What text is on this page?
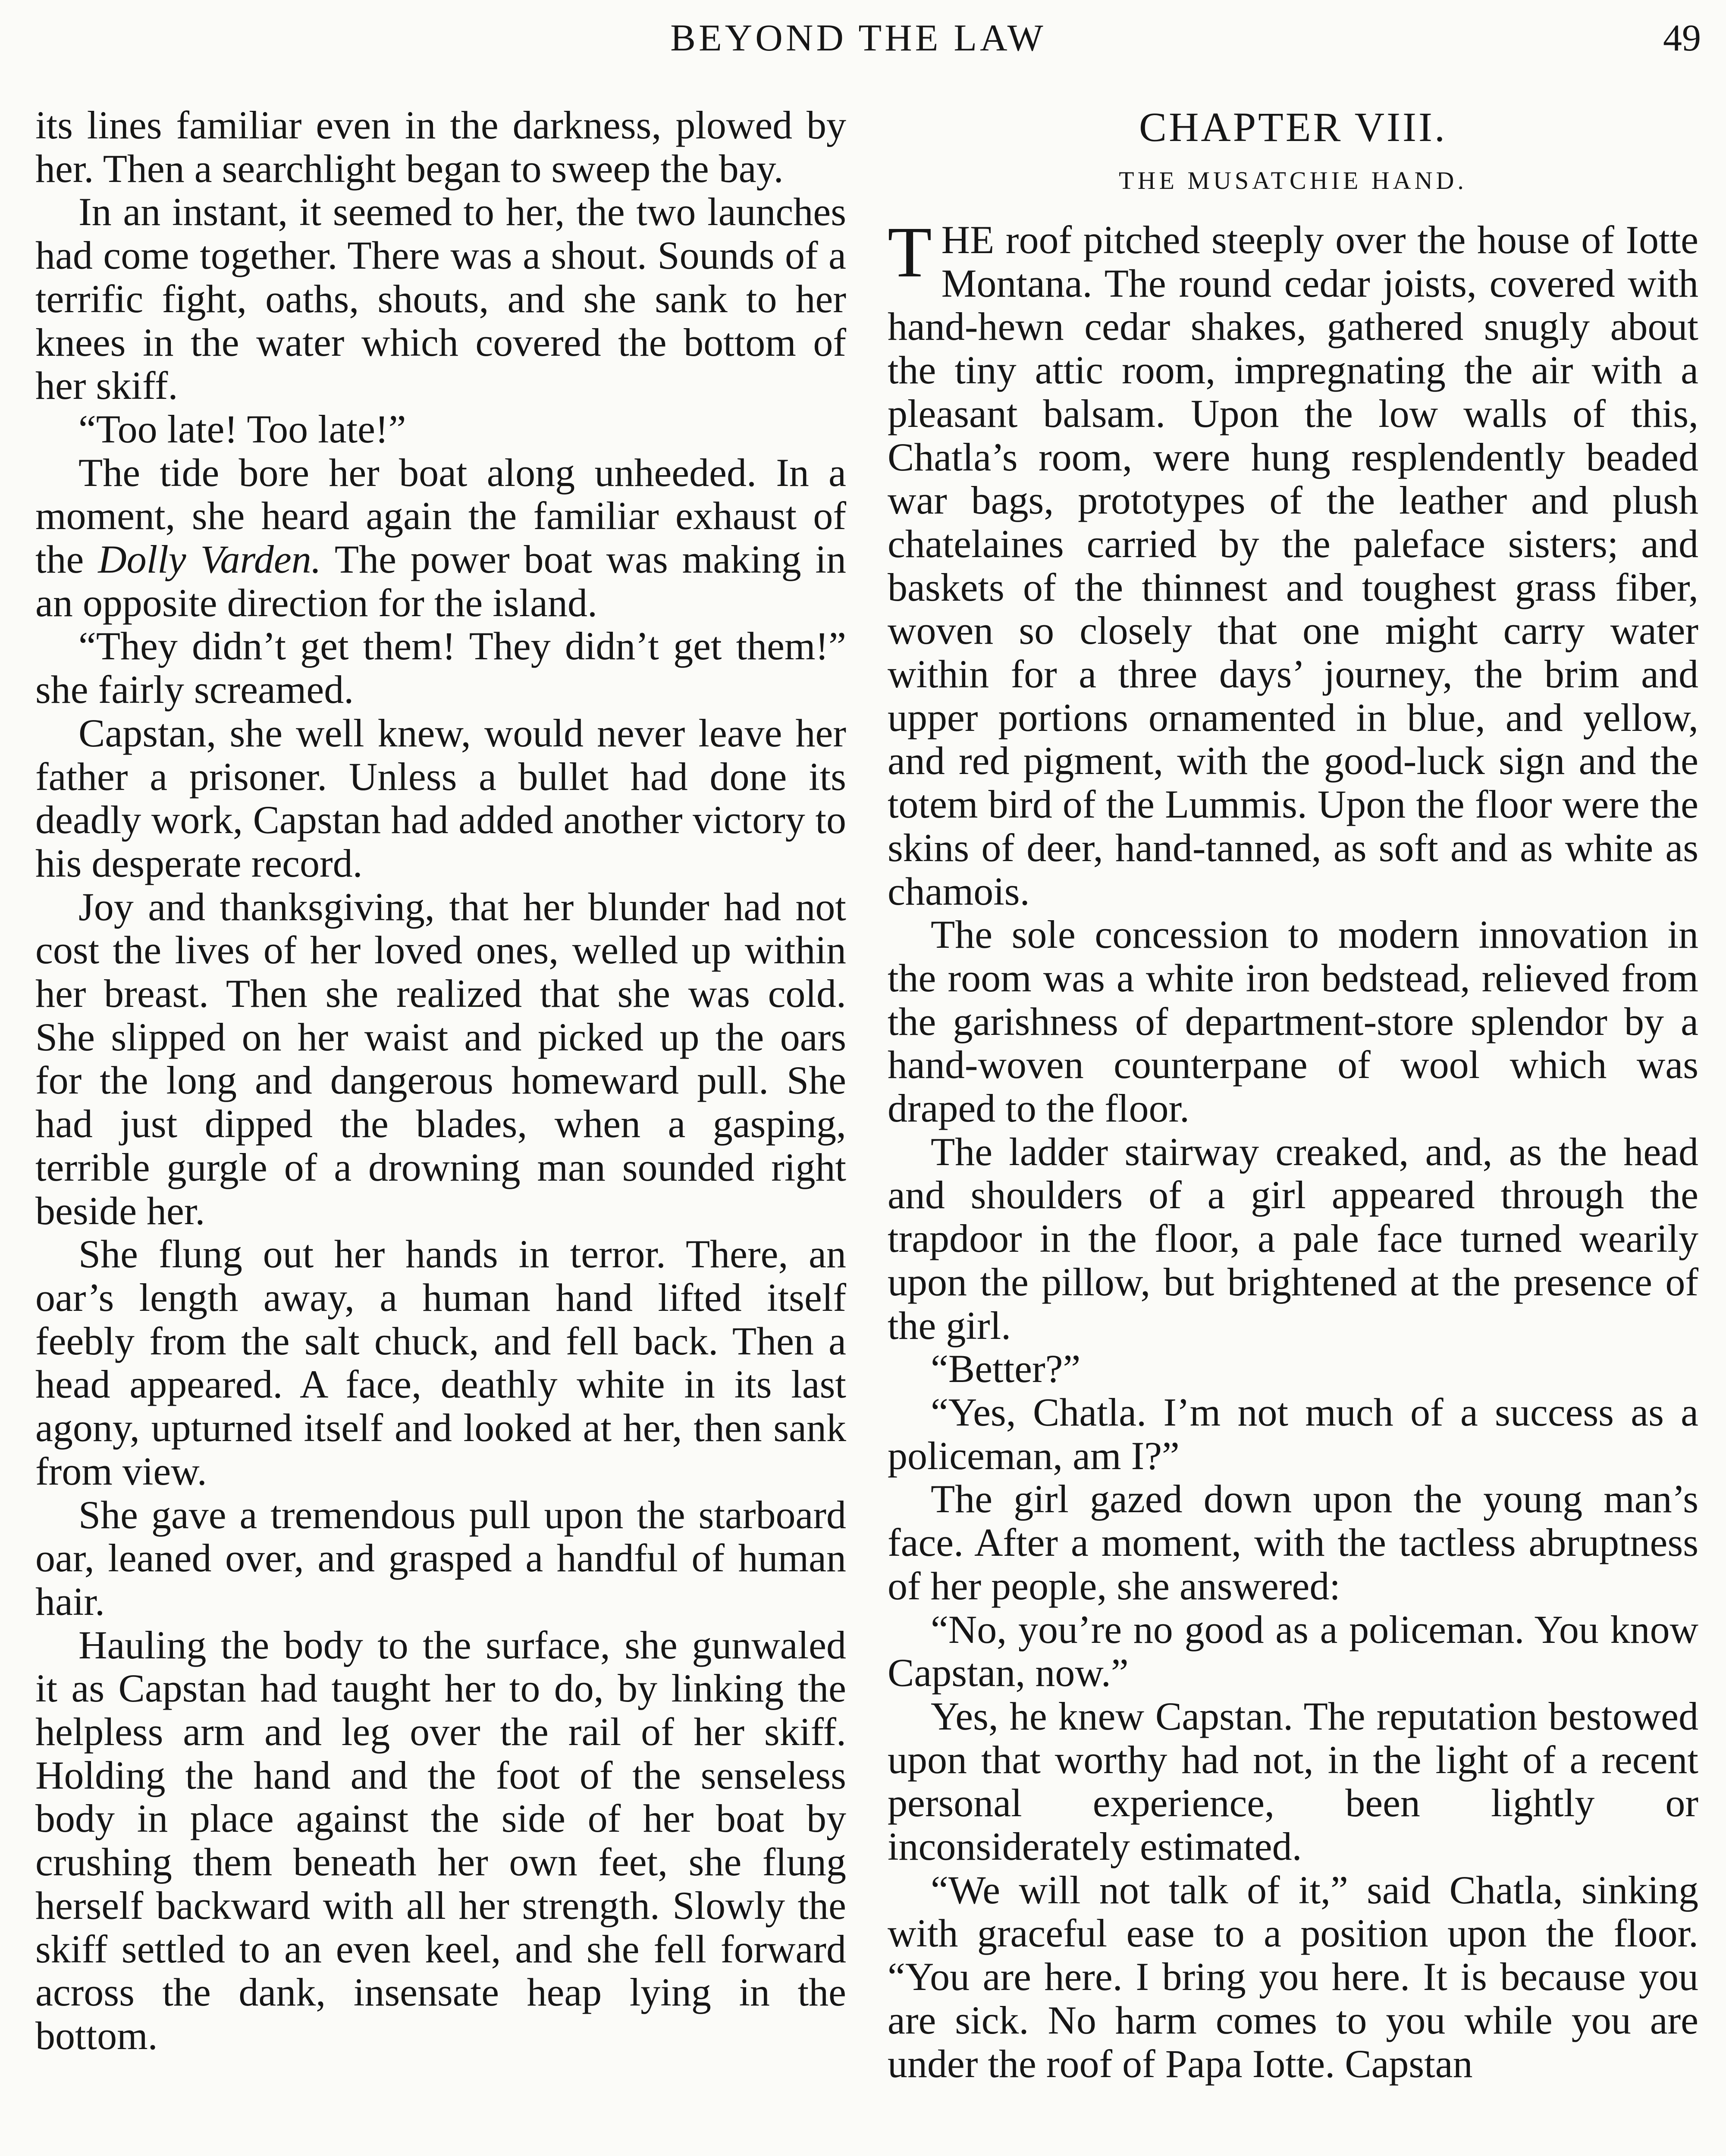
BEYOND THE LAW	49

its lines familiar even in the darkness, plowed by her. Then a searchlight began to sweep the bay.

In an instant, it seemed to her, the two launches had come together. There was a shout. Sounds of a terrific fight, oaths, shouts, and she sank to her knees in the water which covered the bottom of her skiff.

“Too late! Too late!”

The tide bore her boat along unheeded. In a moment, she heard again the familiar exhaust of the Dolly Varden. The power boat was making in an opposite direction for the island.

“They didn’t get them! They didn’t get them!” she fairly screamed.

Capstan, she well knew, would never leave her father a prisoner. Unless a bullet had done its deadly work, Capstan had added another victory to his desperate record.

Joy and thanksgiving, that her blunder had not cost the lives of her loved ones, welled up within her breast. Then she realized that she was cold. She slipped on her waist and picked up the oars for the long and dangerous homeward pull. She had just dipped the blades, when a gasping, terrible gurgle of a drowning man sounded right beside her.

She flung out her hands in terror. There, an oar’s length away, a human hand lifted itself feebly from the salt chuck, and fell back. Then a head appeared. A face, deathly white in its last agony, upturned itself and looked at her, then sank from view.

She gave a tremendous pull upon the starboard oar, leaned over, and grasped a handful of human hair.

Hauling the body to the surface, she gunwaled it as Capstan had taught her to do, by linking the helpless arm and leg over the rail of her skiff. Holding the hand and the foot of the senseless body in place against the side of her boat by crushing them beneath her own feet, she flung herself backward with all her strength. Slowly the skiff settled to an even keel, and she fell forward across the dank, insensate heap lying in the bottom.

CHAPTER VIII.
THE MUSATCHIE HAND.

THE roof pitched steeply over the house of Iotte Montana. The round cedar joists, covered with hand-hewn cedar shakes, gathered snugly about the tiny attic room, impregnating the air with a pleasant balsam. Upon the low walls of this, Chatla’s room, were hung resplendently beaded war bags, prototypes of the leather and plush chatelaines carried by the paleface sisters; and baskets of the thinnest and toughest grass fiber, woven so closely that one might carry water within for a three days’ journey, the brim and upper portions ornamented in blue, and yellow, and red pigment, with the good-luck sign and the totem bird of the Lummis. Upon the floor were the skins of deer, hand-tanned, as soft and as white as chamois.

The sole concession to modern innovation in the room was a white iron bedstead, relieved from the garishness of department-store splendor by a hand-woven counterpane of wool which was draped to the floor.

The ladder stairway creaked, and, as the head and shoulders of a girl appeared through the trapdoor in the floor, a pale face turned wearily upon the pillow, but brightened at the presence of the girl.

“Better?”

“Yes, Chatla. I’m not much of a success as a policeman, am I?”

The girl gazed down upon the young man’s face. After a moment, with the tactless abruptness of her people, she answered:

“No, you’re no good as a policeman. You know Capstan, now.”

Yes, he knew Capstan. The reputation bestowed upon that worthy had not, in the light of a recent personal experience, been lightly or inconsiderately estimated.

“We will not talk of it,” said Chatla, sinking with graceful ease to a position upon the floor. “You are here. I bring you here. It is because you are sick. No harm comes to you while you are under the roof of Papa Iotte. Capstan
